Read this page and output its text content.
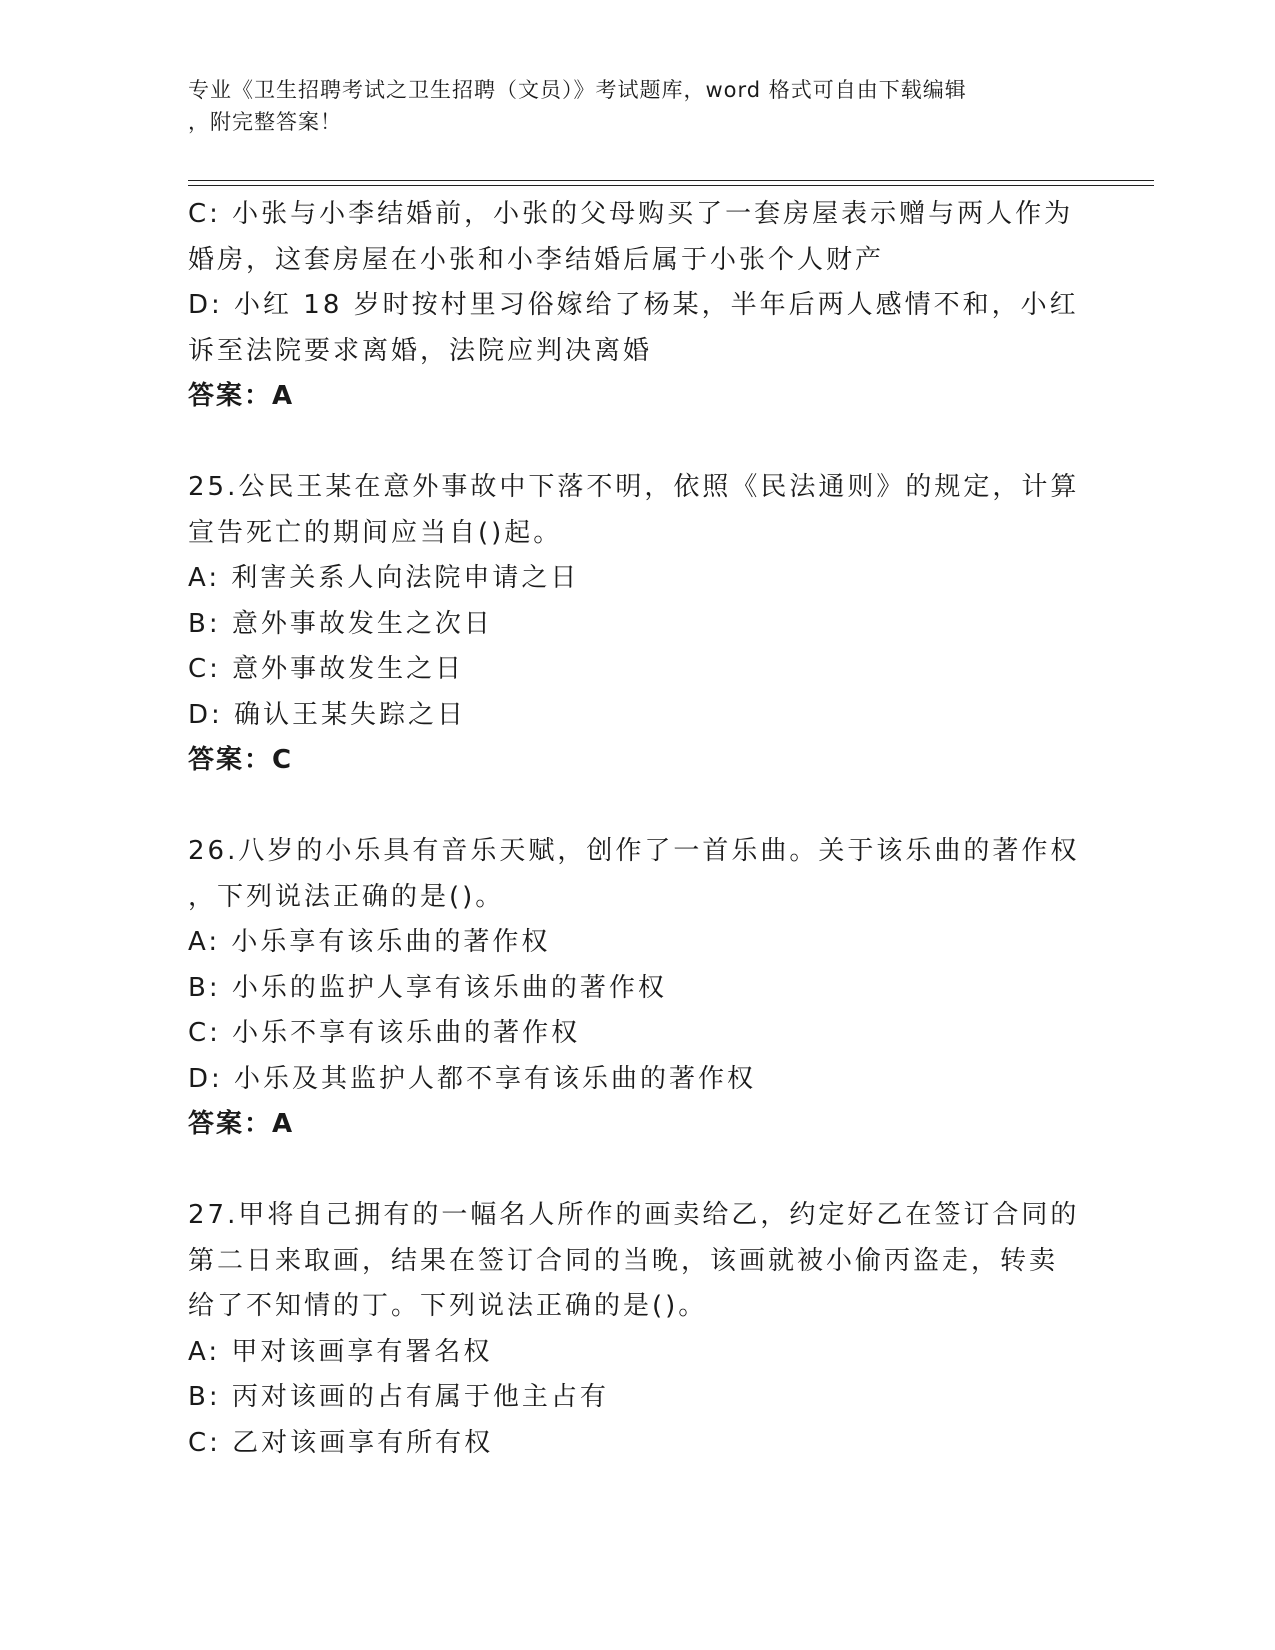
专业《卫生招聘考试之卫生招聘（文员）》考试题库，word 格式可自由下载编辑
，附完整答案！
C: 小张与小李结婚前，小张的父母购买了一套房屋表示赠与两人作为
婚房，这套房屋在小张和小李结婚后属于小张个人财产
D: 小红 18 岁时按村里习俗嫁给了杨某，半年后两人感情不和，小红
诉至法院要求离婚，法院应判决离婚
答案：A
25.公民王某在意外事故中下落不明，依照《民法通则》的规定，计算
宣告死亡的期间应当自()起。
A: 利害关系人向法院申请之日
B: 意外事故发生之次日
C: 意外事故发生之日
D: 确认王某失踪之日
答案：C
26.八岁的小乐具有音乐天赋，创作了一首乐曲。关于该乐曲的著作权
，下列说法正确的是()。
A: 小乐享有该乐曲的著作权
B: 小乐的监护人享有该乐曲的著作权
C: 小乐不享有该乐曲的著作权
D: 小乐及其监护人都不享有该乐曲的著作权
答案：A
27.甲将自己拥有的一幅名人所作的画卖给乙，约定好乙在签订合同的
第二日来取画，结果在签订合同的当晚，该画就被小偷丙盗走，转卖
给了不知情的丁。下列说法正确的是()。
A: 甲对该画享有署名权
B: 丙对该画的占有属于他主占有
C: 乙对该画享有所有权
